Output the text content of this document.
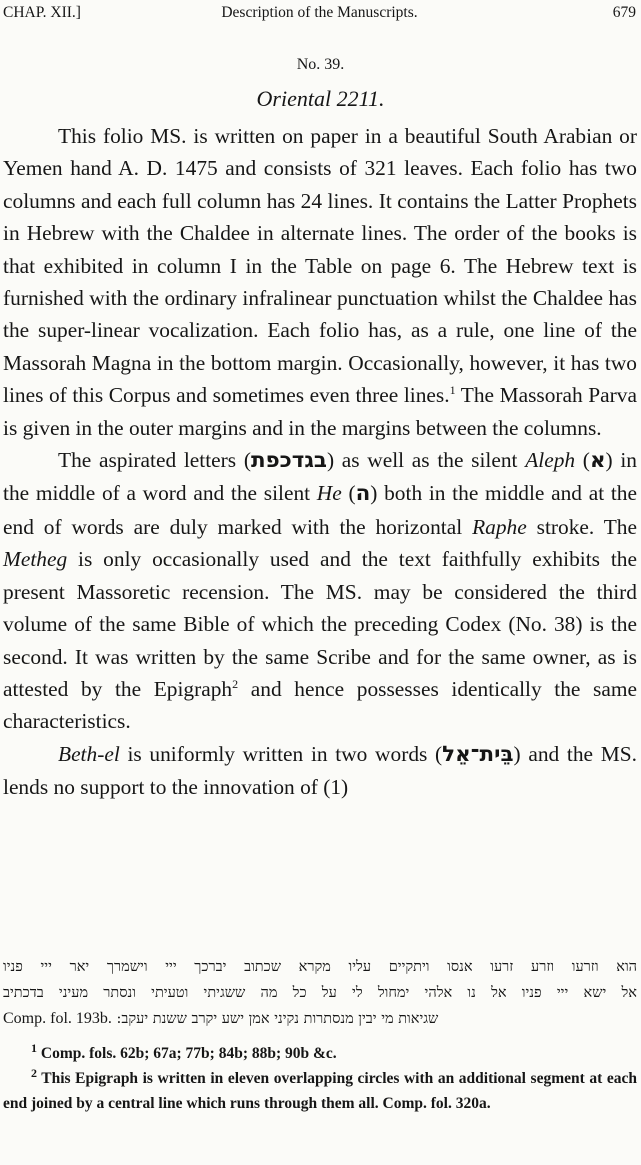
CHAP. XII.]	Description of the Manuscripts.	679
No. 39.
Oriental 2211.

This folio MS. is written on paper in a beautiful South Arabian or Yemen hand A. D. 1475 and consists of 321 leaves. Each folio has two columns and each full column has 24 lines. It contains the Latter Prophets in Hebrew with the Chaldee in alternate lines. The order of the books is that exhibited in column I in the Table on page 6. The Hebrew text is furnished with the ordinary infralinear punctuation whilst the Chaldee has the super-linear vocalization. Each folio has, as a rule, one line of the Massorah Magna in the bottom margin. Occasionally, however, it has two lines of this Corpus and sometimes even three lines.$^1$ The Massorah Parva is given in the outer margins and in the margins between the columns.

The aspirated letters (בגדכפת) as well as the silent Aleph (א) in the middle of a word and the silent He (ה) both in the middle and at the end of words are duly marked with the horizontal Raphe stroke. The Metheg is only occasionally used and the text faithfully exhibits the present Massoretic recension. The MS. may be considered the third volume of the same Bible of which the preceding Codex (No. 38) is the second. It was written by the same Scribe and for the same owner, as is attested by the Epigraph$^2$ and hence possesses identically the same characteristics.

Beth-el is uniformly written in two words (בֵּית־אֵל) and the MS. lends no support to the innovation of (1)

הוא וזרעו וזרע זרעו אנסו ויתקיים עליו מקרא שכתוב יברכך ייי וישמרך יאר ייי פניו
אל ישא ייי פניו אל נו אלהי ימחול לי על כל מה ששגיתי וטעיתי ונסתר מעיני בדכתיב
שגיאות מי יבין מנסתרות נקיני אמן ישע יקרב ששנת יעקב: Comp. fol. 193b.

$^1$ Comp. fols. 62b; 67a; 77b; 84b; 88b; 90b &c.

$^2$ This Epigraph is written in eleven overlapping circles with an additional segment at each end joined by a central line which runs through them all. Comp. fol. 320a.
